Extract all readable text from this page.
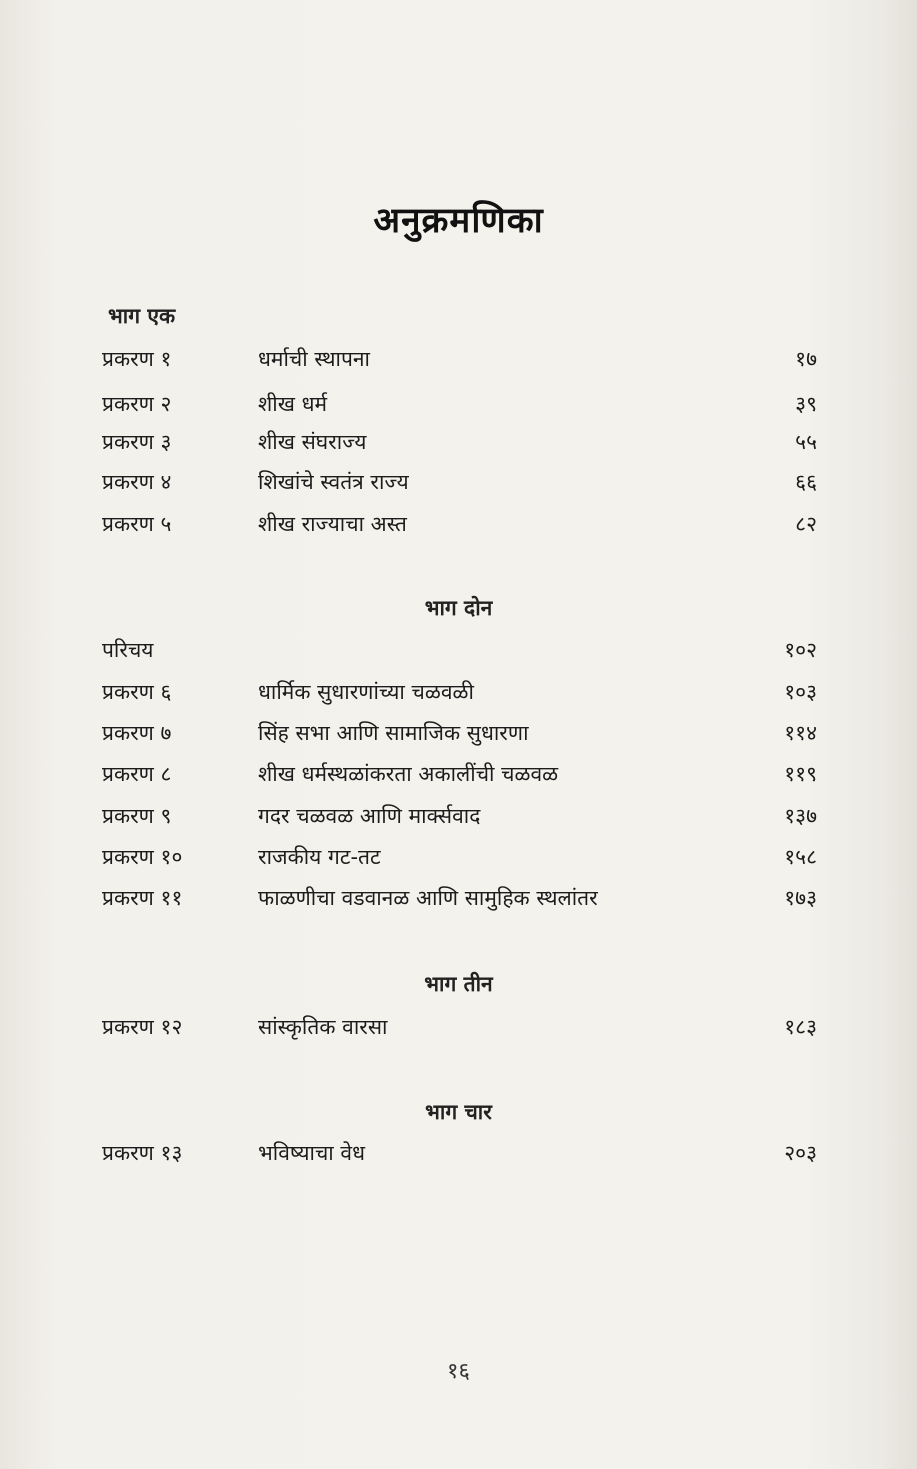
अनुक्रमणिका
भाग एक
प्रकरण १	धर्माची स्थापना	१७
प्रकरण २	शीख धर्म	३९
प्रकरण ३	शीख संघराज्य	५५
प्रकरण ४	शिखांचे स्वतंत्र राज्य	६६
प्रकरण ५	शीख राज्याचा अस्त	८२
भाग दोन
परिचय	१०२
प्रकरण ६	धार्मिक सुधारणांच्या चळवळी	१०३
प्रकरण ७	सिंह सभा आणि सामाजिक सुधारणा	११४
प्रकरण ८	शीख धर्मस्थळांकरता अकालींची चळवळ	११९
प्रकरण ९	गदर चळवळ आणि मार्क्सवाद	१३७
प्रकरण १०	राजकीय गट-तट	१५८
प्रकरण ११	फाळणीचा वडवानळ आणि सामुहिक स्थलांतर	१७३
भाग तीन
प्रकरण १२	सांस्कृतिक वारसा	१८३
भाग चार
प्रकरण १३	भविष्याचा वेध	२०३
१६
